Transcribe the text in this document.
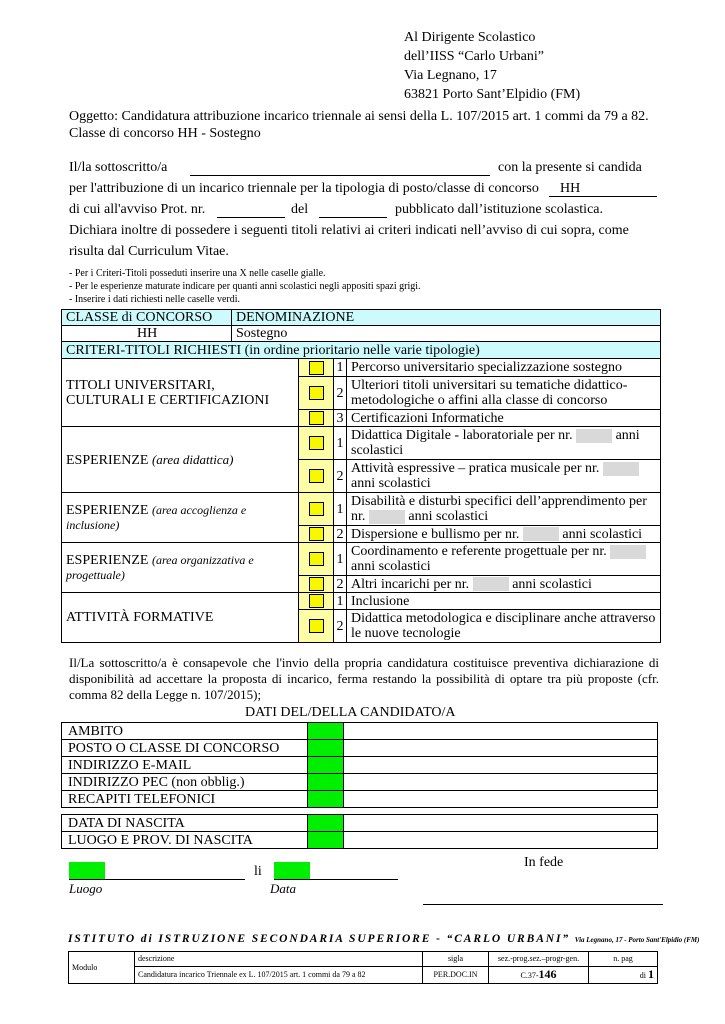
Al Dirigente Scolastico
dell’IISS “Carlo Urbani”
Via Legnano, 17
63821 Porto Sant’Elpidio (FM)
Oggetto: Candidatura attribuzione incarico triennale ai sensi della L. 107/2015 art. 1 commi da 79 a 82.
Classe di concorso HH - Sostegno
Il/la sottoscritto/a	con la presente si candida
per l'attribuzione di un incarico triennale per la tipologia di posto/classe di concorso HH
di cui all'avviso Prot. nr.	del	pubblicato dall’istituzione scolastica.
Dichiara inoltre di possedere i seguenti titoli relativi ai criteri indicati nell’avviso di cui sopra, come
risulta dal Curriculum Vitae.
- Per i Criteri-Titoli posseduti inserire una X nelle caselle gialle.
- Per le esperienze maturate indicare per quanti anni scolastici negli appositi spazi grigi.
- Inserire i dati richiesti nelle caselle verdi.
CLASSE di CONCORSO	DENOMINAZIONE			
HH	Sostegno			
CRITERI-TITOLI RICHIESTI (in ordine prioritario nelle varie tipologie)				
TITOLI UNIVERSITARI, CULTURALI E CERTIFICAZIONI			1	Percorso universitario specializzazione sostegno
			2	Ulteriori titoli universitari su tematiche didattico-metodologiche o affini alla classe di concorso
			3	Certificazioni Informatiche
ESPERIENZE (area didattica)			1	Didattica Digitale - laboratoriale per nr. anni scolastici
			2	Attività espressive – pratica musicale per nr.  anni scolastici
ESPERIENZE (area accoglienza e inclusione)			1	Disabilità e disturbi specifici dell’apprendimento per nr. anni scolastici
			2	Dispersione e bullismo per nr. anni scolastici
ESPERIENZE (area organizzativa e progettuale)			1	Coordinamento e referente progettuale per nr.  anni scolastici
			2	Altri incarichi per nr. anni scolastici
ATTIVITÀ FORMATIVE			1	Inclusione
			2	Didattica metodologica e disciplinare anche attraverso le nuove tecnologie
Il/La sottoscritto/a è consapevole che l'invio della propria candidatura costituisce preventiva dichiarazione di disponibilità ad accettare la proposta di incarico, ferma restando la possibilità di optare tra più proposte (cfr. comma 82 della Legge n. 107/2015);
DATI DEL/DELLA CANDIDATO/A
AMBITO		
POSTO O CLASSE DI CONCORSO		
INDIRIZZO E-MAIL		
INDIRIZZO PEC (non obblig.)		
RECAPITI TELEFONICI		
DATA DI NASCITA		
LUOGO E PROV. DI NASCITA		
li
Luogo	Data
In fede
ISTITUTO di ISTRUZIONE SECONDARIA SUPERIORE - “CARLO URBANI” Via Legnano, 17 - Porto Sant'Elpidio (FM)
Modulo	descrizione	sigla	sez.-prog.sez.–progr-gen.	n. pag
	Candidatura incarico Triennale ex L. 107/2015 art. 1 commi da 79 a 82	PER.DOC.IN	C.37-146	di 1
